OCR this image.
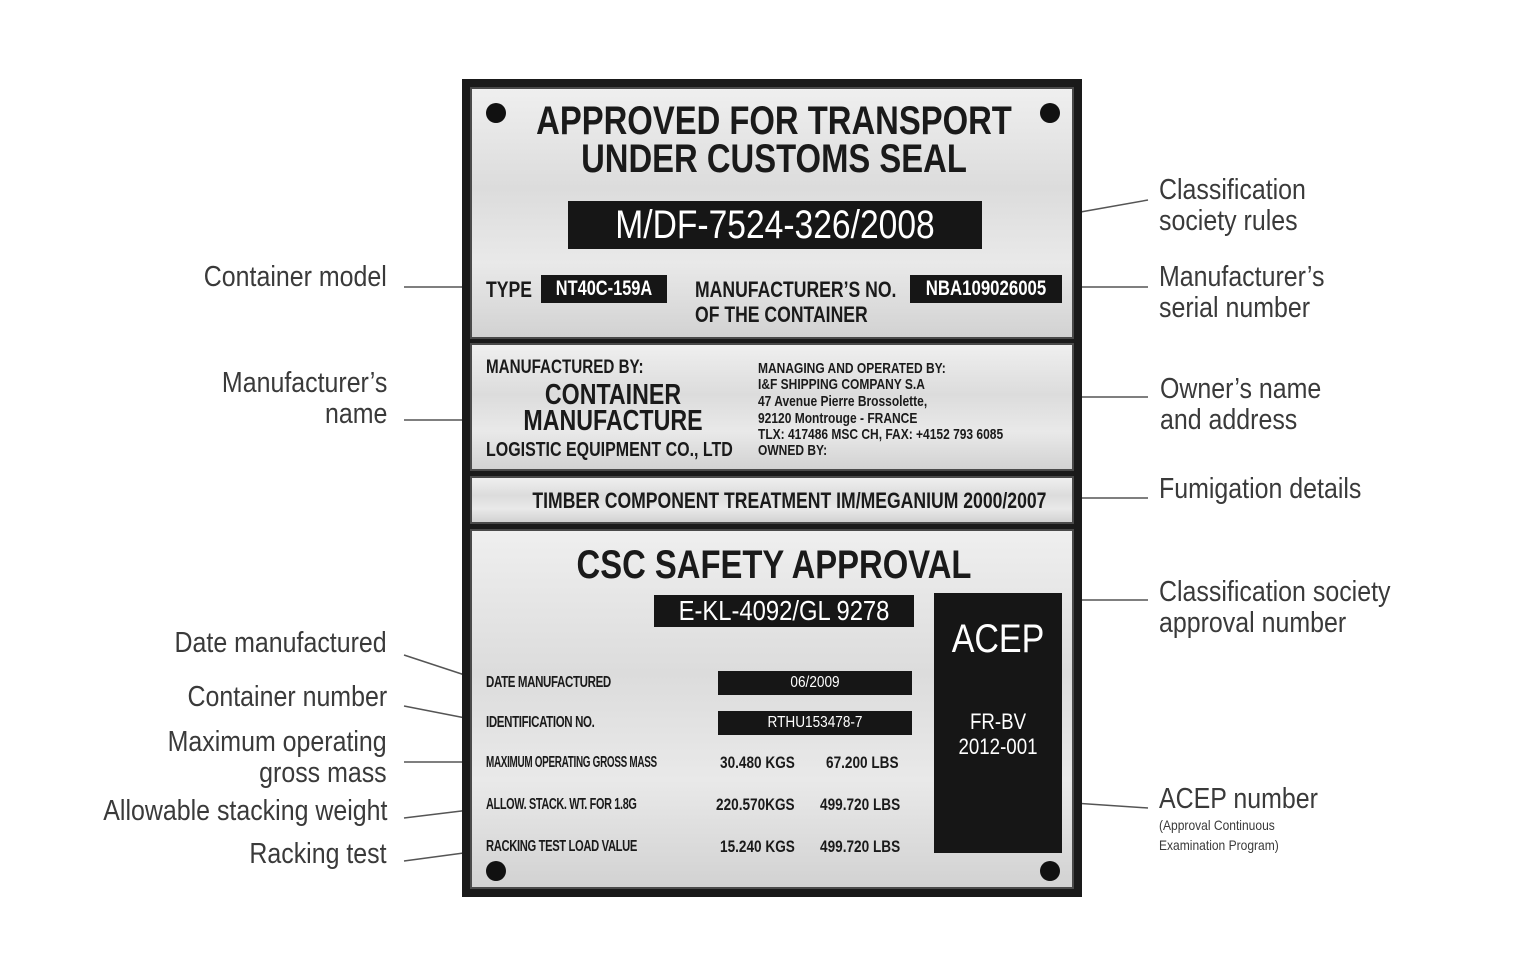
Container model
Manufacturer’s
name
Date manufactured
Container number
Maximum operating
gross mass
Allowable stacking weight
Racking test
Classification
society rules
Manufacturer’s
serial number
Owner’s name
and address
Fumigation details
Classification society
approval number
ACEP number
(Approval Continuous
Examination Program)
APPROVED FOR TRANSPORT
UNDER CUSTOMS SEAL
M/DF-7524-326/2008
TYPE NT40C-159A MANUFACTURER’S NO.
OF THE CONTAINER
NBA109026005
MANUFACTURED BY:
CONTAINER
MANUFACTURE
LOGISTIC EQUIPMENT CO., LTD
MANAGING AND OPERATED BY:
I&F SHIPPING COMPANY S.A
47 Avenue Pierre Brossolette,
92120 Montrouge - FRANCE
TLX: 417486 MSC CH, FAX: +4152 793 6085
OWNED BY:
TIMBER COMPONENT TREATMENT IM/MEGANIUM 2000/2007
CSC SAFETY APPROVAL
E-KL-4092/GL 9278
ACEP
FR-BV
2012-001
DATE MANUFACTURED	06/2009
IDENTIFICATION NO.	RTHU153478-7
MAXIMUM OPERATING GROSS MASS	30.480 KGS 67.200 LBS
ALLOW. STACK. WT. FOR 1.8G	220.570KGS 499.720 LBS
RACKING TEST LOAD VALUE	15.240 KGS 499.720 LBS
